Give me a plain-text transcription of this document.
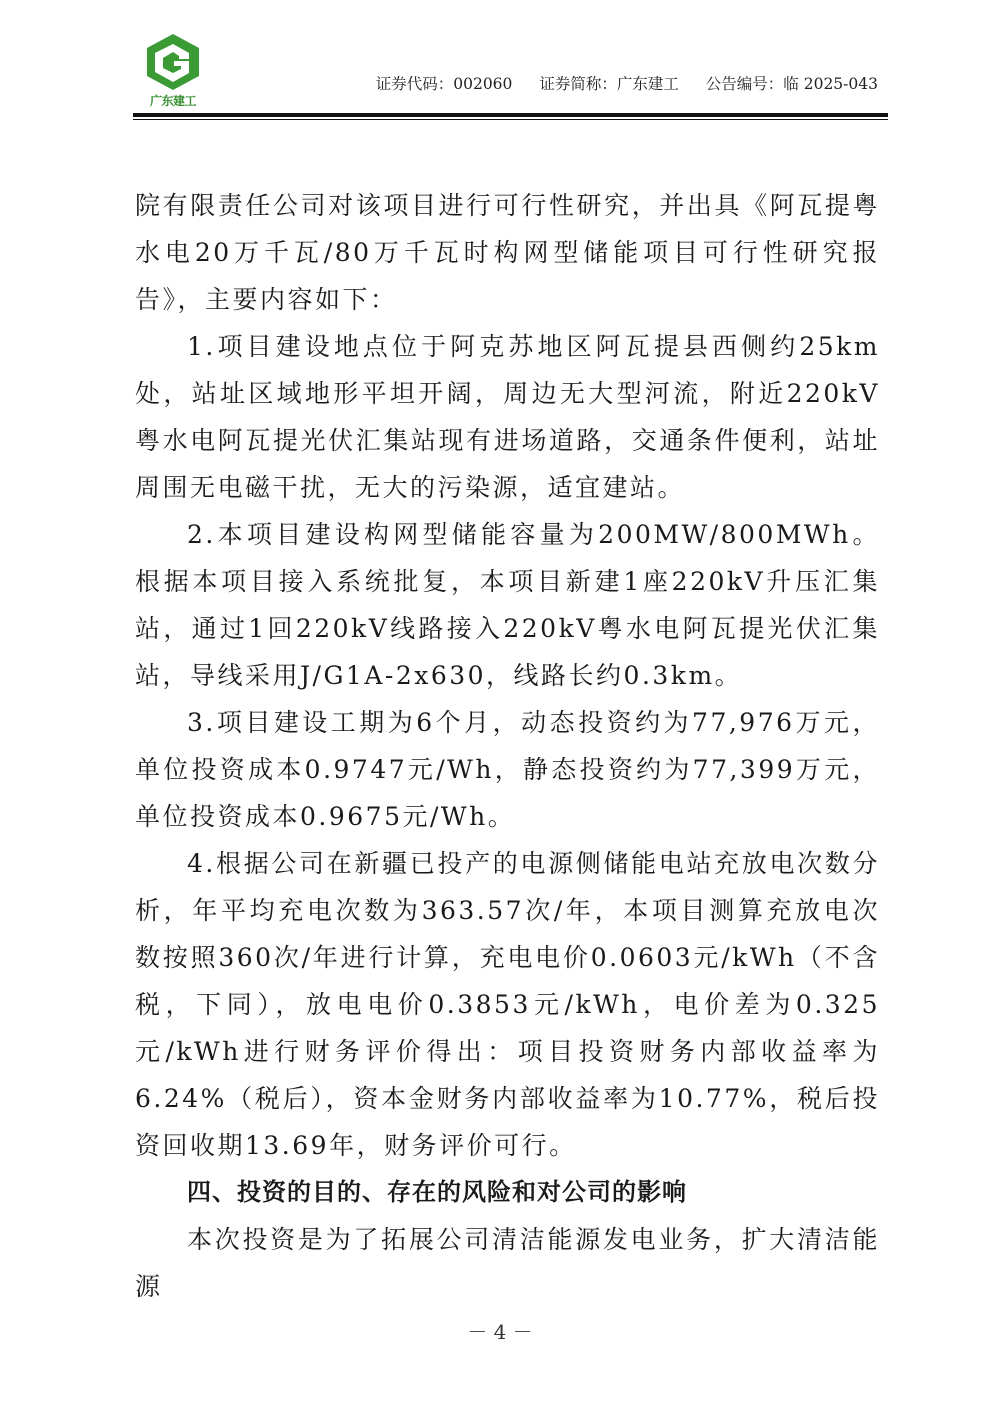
广东建工
证券代码：002060 证券简称：广东建工 公告编号：临 2025-043

院有限责任公司对该项目进行可行性研究，并出具《阿瓦提粤水电20万千瓦/80万千瓦时构网型储能项目可行性研究报告》，主要内容如下：

1.项目建设地点位于阿克苏地区阿瓦提县西侧约25km处，站址区域地形平坦开阔，周边无大型河流，附近220kV粤水电阿瓦提光伏汇集站现有进场道路，交通条件便利，站址周围无电磁干扰，无大的污染源，适宜建站。

2.本项目建设构网型储能容量为200MW/800MWh。根据本项目接入系统批复，本项目新建1座220kV升压汇集站，通过1回220kV线路接入220kV粤水电阿瓦提光伏汇集站，导线采用J/G1A-2x630，线路长约0.3km。

3.项目建设工期为6个月，动态投资约为77,976万元，单位投资成本0.9747元/Wh，静态投资约为77,399万元，单位投资成本0.9675元/Wh。

4.根据公司在新疆已投产的电源侧储能电站充放电次数分析，年平均充电次数为363.57次/年，本项目测算充放电次数按照360次/年进行计算，充电电价0.0603元/kWh（不含税，下同），放电电价0.3853元/kWh，电价差为0.325元/kWh进行财务评价得出：项目投资财务内部收益率为6.24%（税后），资本金财务内部收益率为10.77%，税后投资回收期13.69年，财务评价可行。

四、投资的目的、存在的风险和对公司的影响

本次投资是为了拓展公司清洁能源发电业务，扩大清洁能源

－ 4 －
